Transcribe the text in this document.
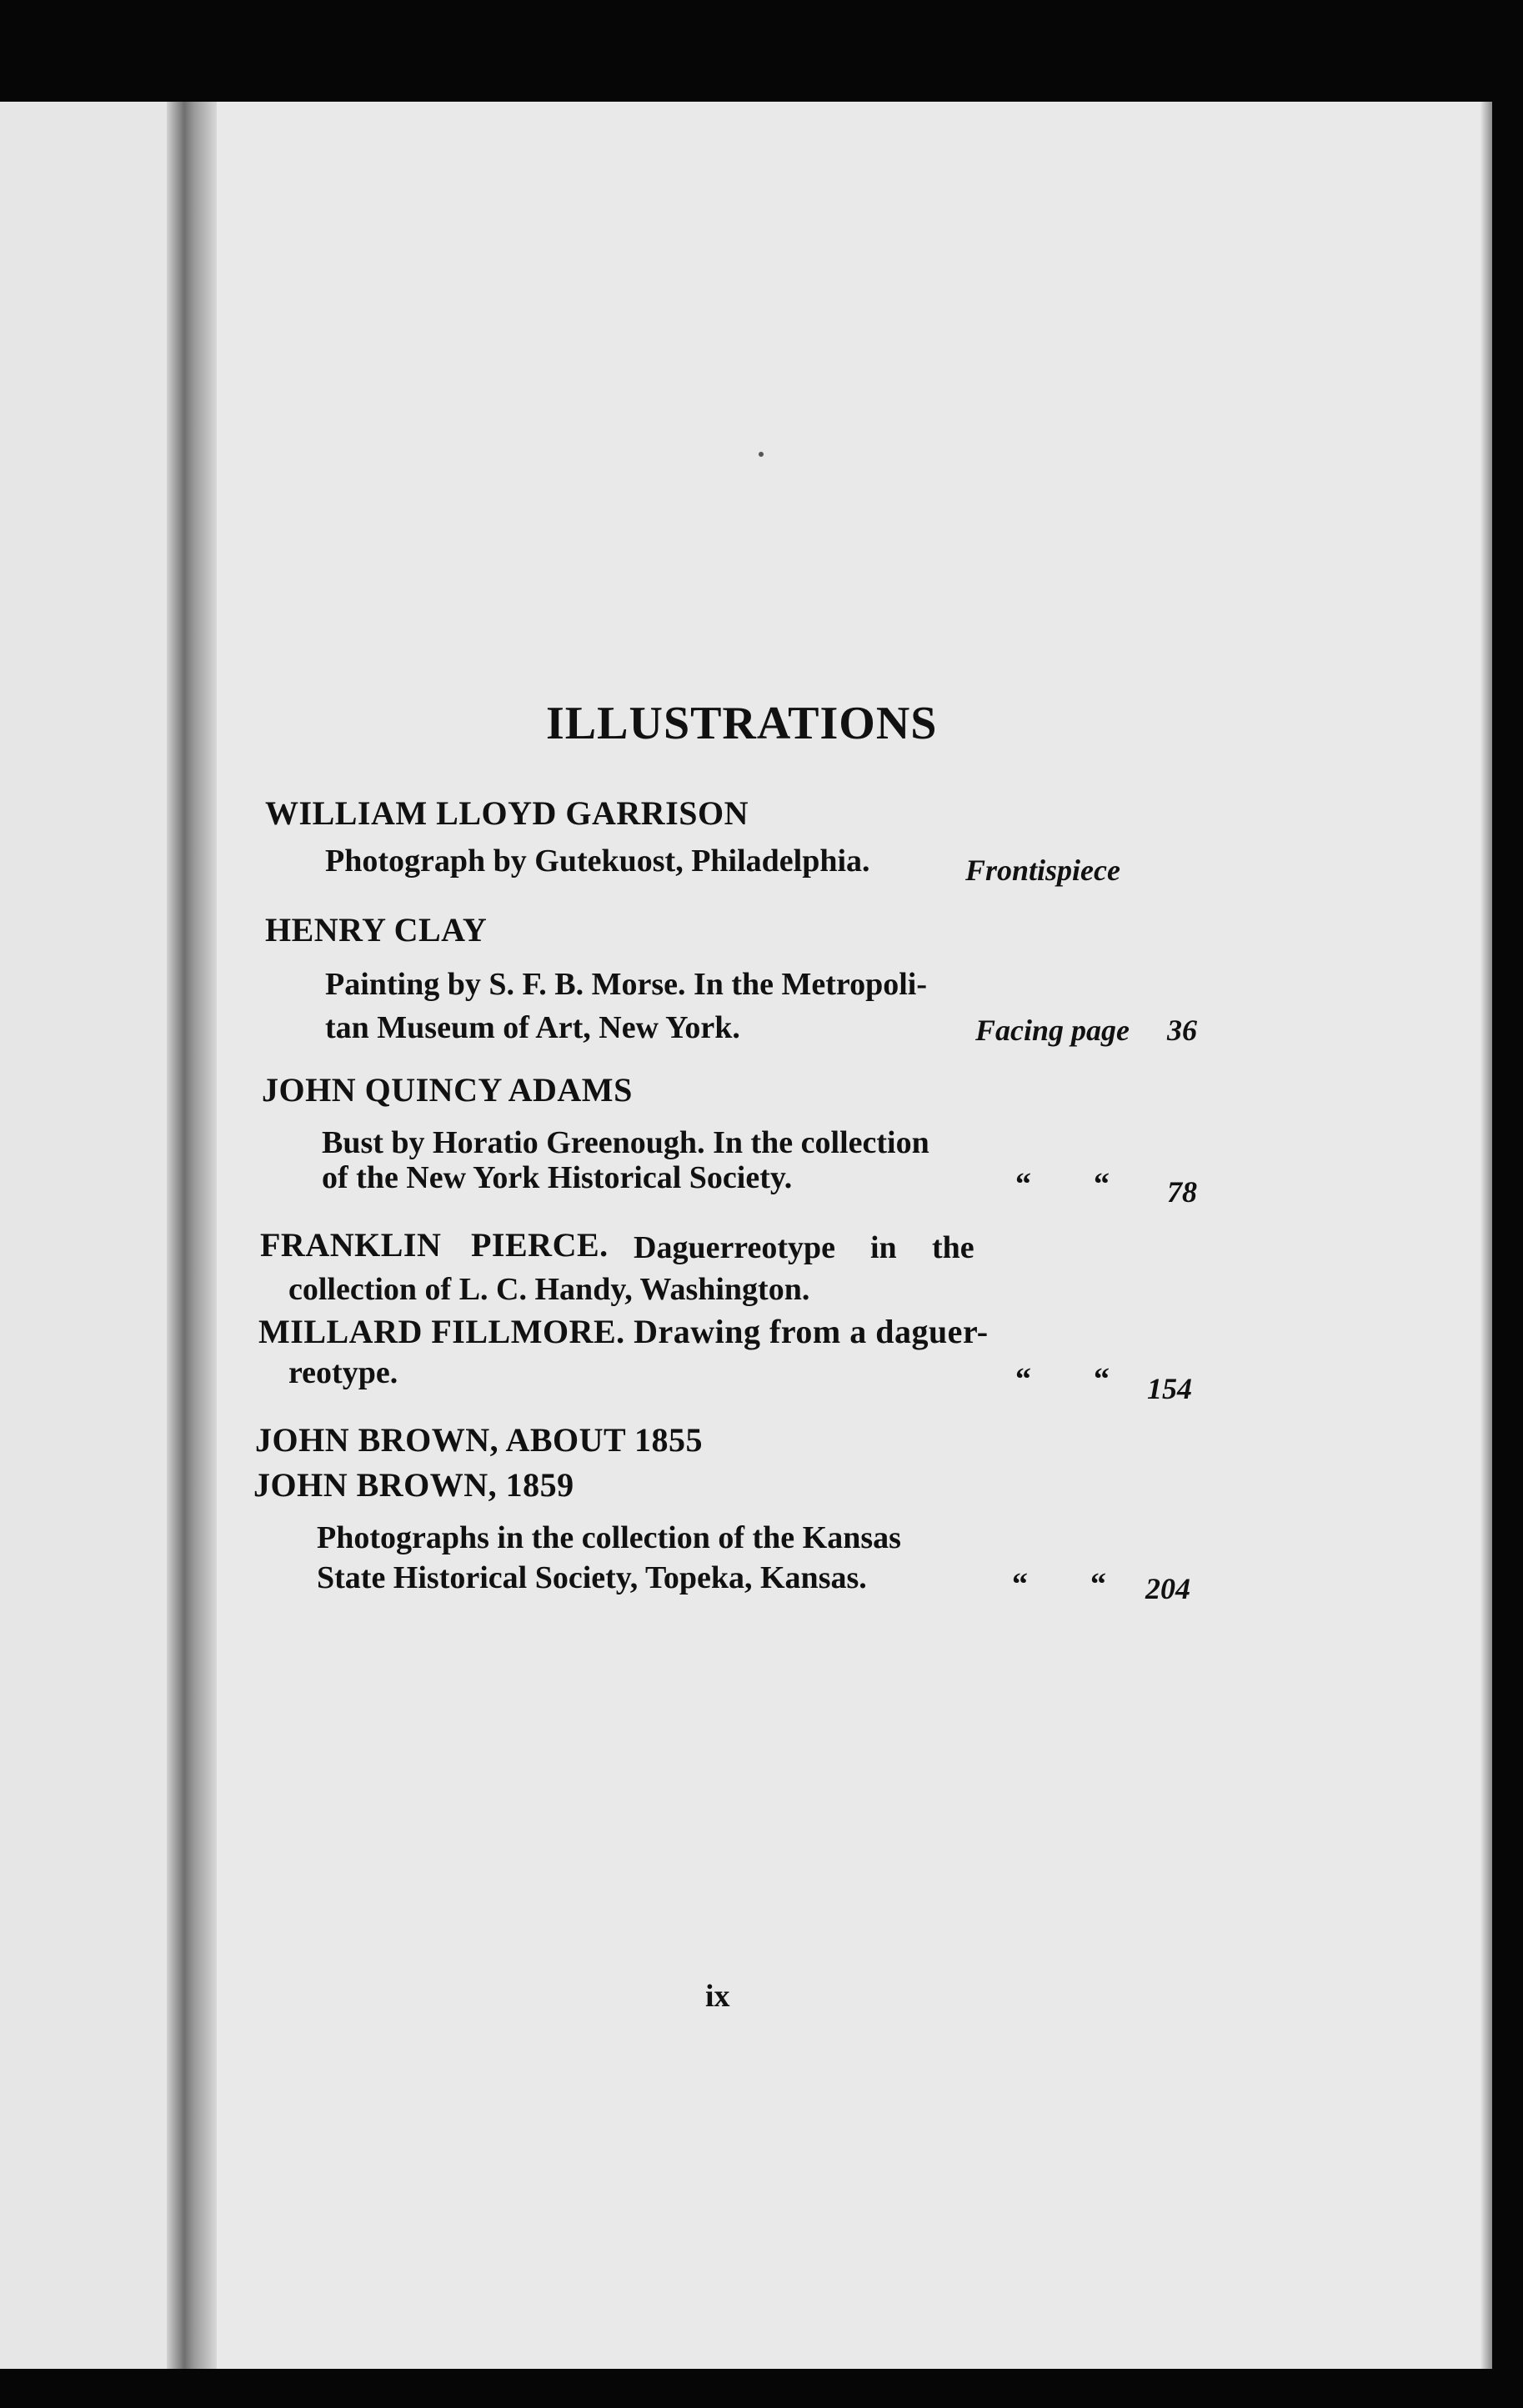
ILLUSTRATIONS
WILLIAM LLOYD GARRISON
Photograph by Gutekuost, Philadelphia.	Frontispiece
HENRY CLAY
Painting by S. F. B. Morse. In the Metropoli-
tan Museum of Art, New York.	Facing page 36
JOHN QUINCY ADAMS
Bust by Horatio Greenough. In the collection
of the New York Historical Society.	“ “ 78
FRANKLIN PIERCE. Daguerreotype in the
collection of L. C. Handy, Washington.
MILLARD FILLMORE. Drawing from a daguer-
reotype.	“ “ 154
JOHN BROWN, ABOUT 1855
JOHN BROWN, 1859
Photographs in the collection of the Kansas
State Historical Society, Topeka, Kansas.	“ “ 204
ix
